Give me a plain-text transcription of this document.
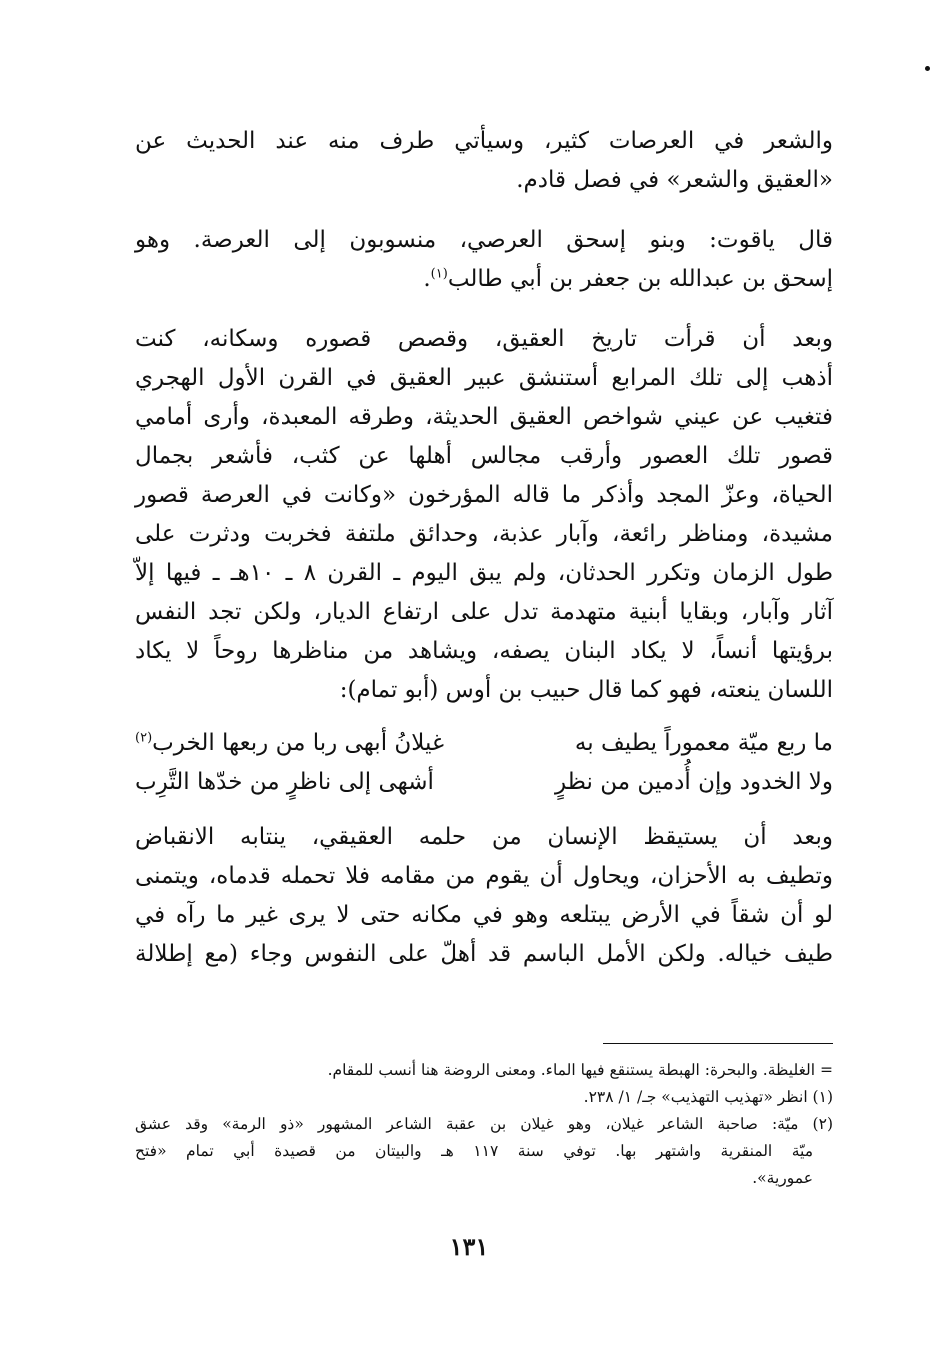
والشعر في العرصات كثير، وسيأتي طرف منه عند الحديث عن
«العقيق والشعر» في فصل قادم.

قال ياقوت: وبنو إسحق العرصي، منسوبون إلى العرصة. وهو
إسحق بن عبدالله بن جعفر بن أبي طالب$^{(١)}$.

وبعد أن قرأت تاريخ العقيق، وقصص قصوره وسكانه، كنت
أذهب إلى تلك المرابع أستنشق عبير العقيق في القرن الأول الهجري
فتغيب عن عيني شواخص العقيق الحديثة، وطرقه المعبدة، وأرى أمامي
قصور تلك العصور وأرقب مجالس أهلها عن كثب، فأشعر بجمال
الحياة، وعزّ المجد وأذكر ما قاله المؤرخون «وكانت في العرصة قصور
مشيدة، ومناظر رائعة، وآبار عذبة، وحدائق ملتفة فخربت ودثرت على
طول الزمان وتكرر الحدثان، ولم يبق اليوم ـ القرن ٨ ـ ١٠هـ ـ فيها إلاّ
آثار وآبار، وبقايا أبنية متهدمة تدل على ارتفاع الديار، ولكن تجد النفس
برؤيتها أنساً، لا يكاد البنان يصفه، ويشاهد من مناظرها روحاً لا يكاد
اللسان ينعته، فهو كما قال حبيب بن أوس (أبو تمام):

ما ربع ميّة معموراً يطيف به
غيلانُ أبهى ربا من ربعها الخرب$^{(٢)}$
ولا الخدود وإن أُدمين من نظرٍ
أشهى إلى ناظرٍ من خدّها التَّرِب

وبعد أن يستيقظ الإنسان من حلمه العقيقي، ينتابه الانقباض
وتطيف به الأحزان، ويحاول أن يقوم من مقامه فلا تحمله قدماه، ويتمنى
لو أن شقاً في الأرض يبتلعه وهو في مكانه حتى لا يرى غير ما رآه في
طيف خياله. ولكن الأمل الباسم قد أهلّ على النفوس وجاء (مع إطلالة

= الغليظة. والبحرة: الهبطة يستنقع فيها الماء. ومعنى الروضة هنا أنسب للمقام.

(١) انظر «تهذيب التهذيب» جـ/ ١/ ٢٣٨.

(٢) ميّة: صاحبة الشاعر غيلان، وهو غيلان بن عقبة الشاعر المشهور «ذو الرمة» وقد عشق
ميّة المنقرية واشتهر بها. توفي سنة ١١٧ هـ والبيتان من قصيدة أبي تمام «فتح
عمورية».

١٣١
